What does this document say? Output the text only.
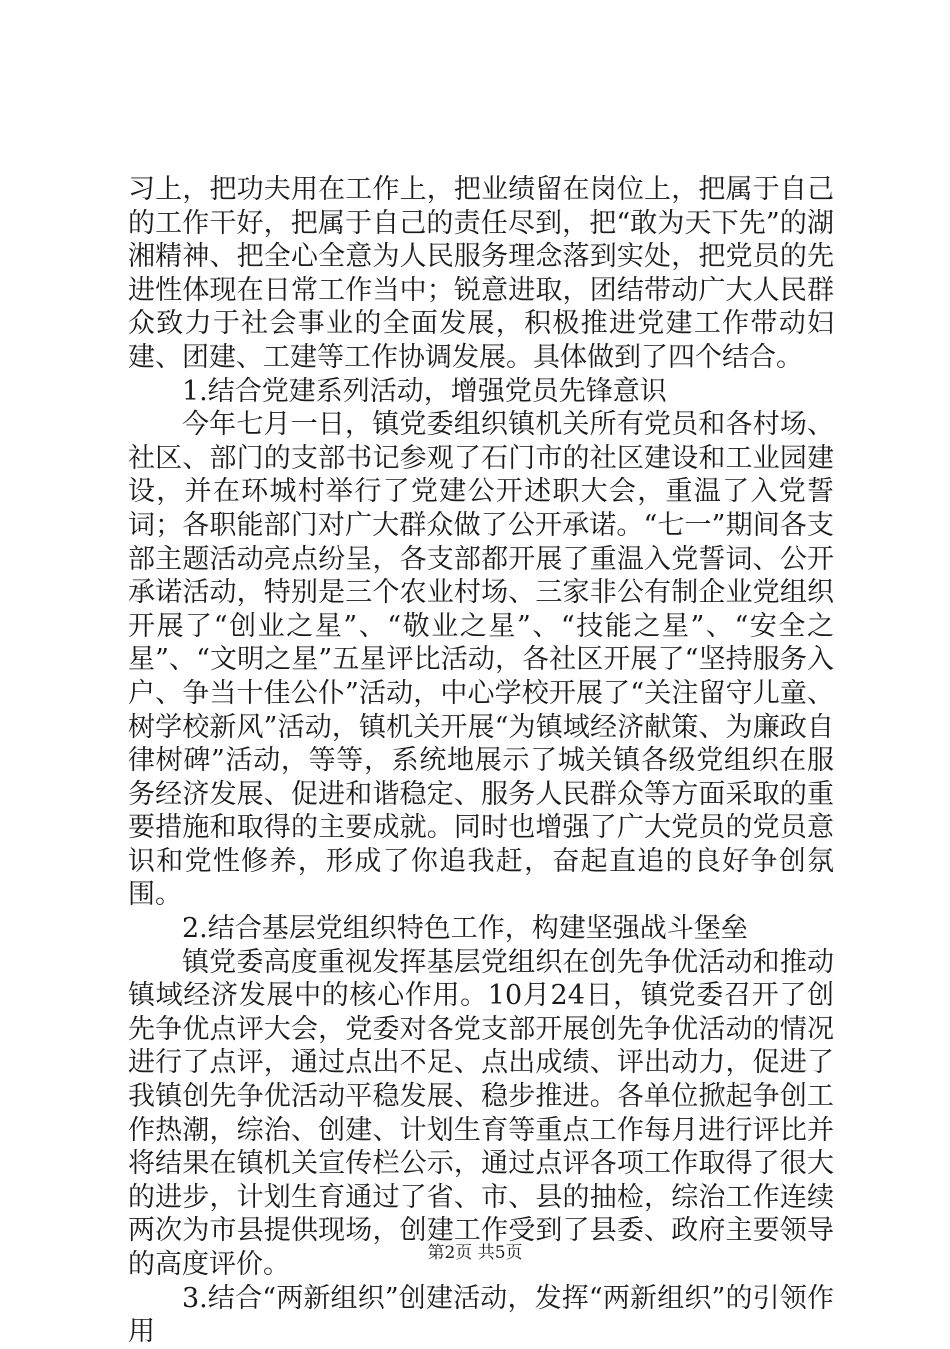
习上，把功夫用在工作上，把业绩留在岗位上，把属于自己的工作干好，把属于自己的责任尽到，把“敢为天下先”的湖湘精神、把全心全意为人民服务理念落到实处，把党员的先进性体现在日常工作当中；锐意进取，团结带动广大人民群众致力于社会事业的全面发展，积极推进党建工作带动妇建、团建、工建等工作协调发展。具体做到了四个结合。

1.结合党建系列活动，增强党员先锋意识

今年七月一日，镇党委组织镇机关所有党员和各村场、社区、部门的支部书记参观了石门市的社区建设和工业园建设，并在环城村举行了党建公开述职大会，重温了入党誓词；各职能部门对广大群众做了公开承诺。“七一”期间各支部主题活动亮点纷呈，各支部都开展了重温入党誓词、公开承诺活动，特别是三个农业村场、三家非公有制企业党组织开展了“创业之星”、“敬业之星”、“技能之星”、“安全之星”、“文明之星”五星评比活动，各社区开展了“坚持服务入户、争当十佳公仆”活动，中心学校开展了“关注留守儿童、树学校新风”活动，镇机关开展“为镇域经济献策、为廉政自律树碑”活动，等等，系统地展示了城关镇各级党组织在服务经济发展、促进和谐稳定、服务人民群众等方面采取的重要措施和取得的主要成就。同时也增强了广大党员的党员意识和党性修养，形成了你追我赶，奋起直追的良好争创氛围。

2.结合基层党组织特色工作，构建坚强战斗堡垒

镇党委高度重视发挥基层党组织在创先争优活动和推动镇域经济发展中的核心作用。10月24日，镇党委召开了创先争优点评大会，党委对各党支部开展创先争优活动的情况进行了点评，通过点出不足、点出成绩、评出动力，促进了我镇创先争优活动平稳发展、稳步推进。各单位掀起争创工作热潮，综治、创建、计划生育等重点工作每月进行评比并将结果在镇机关宣传栏公示，通过点评各项工作取得了很大的进步，计划生育通过了省、市、县的抽检，综治工作连续两次为市县提供现场，创建工作受到了县委、政府主要领导的高度评价。

3.结合“两新组织”创建活动，发挥“两新组织”的引领作用

第2页 共5页
